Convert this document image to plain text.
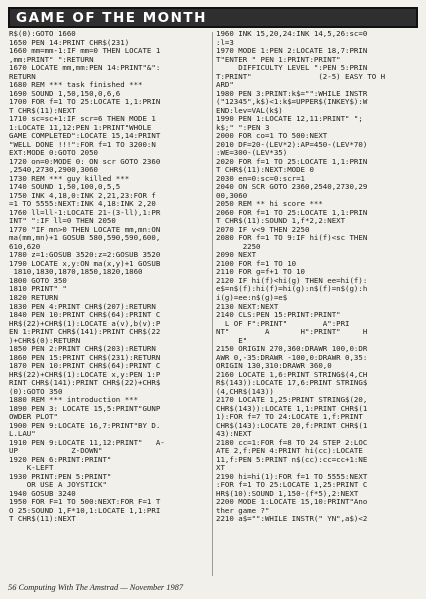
GAME OF THE MONTH
R$(0):GOTO 1660
1650 PEN 14:PRINT CHR$(231)
1660 mm=mm-1:IF mm=0 THEN LOCATE 1
,mm:PRINT" ":RETURN
1670 LOCATE mm,mm:PEN 14:PRINT"&":
RETURN
1680 REM *** task finished ***
1690 SOUND 1,50,150,0,6,6
1700 FOR f=1 TO 25:LOCATE 1,1:PRIN
T CHR$(11):NEXT
1710 sc=sc+1:IF scr=6 THEN MODE 1
1:LOCATE 11,12:PEN 1:PRINT"WHOLE
GAME COMPLETED":LOCATE 15,14:PRINT
"WELL DONE !!!":FOR f=1 TO 3200:N
EXT:MODE 0:GOTO 2050
1720 on=0:MODE 0: ON scr GOTO 2360
,2540,2730,2900,3060
1730 REM *** guy killed ***
1740 SOUND 1,50,100,0,5,5
1750 INK 4,18,0:INK 2,21,23:FOR f
=1 TO 5555:NEXT:INK 4,18:INK 2,20
1760 ll=ll-1:LOCATE 21-(3-ll),1:PR
INT" ":IF ll=0 THEN 2050
1770 "IF mn>0 THEN LOCATE mm,mn:ON
ma(mm,mn)+1 GOSUB 580,590,590,600,
610,620
1780 z=1:GOSUB 3520:z=2:GOSUB 3520
1790 LOCATE x,y:ON ma(x,y)+1 GOSUB
1810,1830,1870,1850,1820,1860
1800 GOTO 350
1810 PRINT" "
1820 RETURN
1830 PEN 4:PRINT CHR$(207):RETURN
1840 PEN 10:PRINT CHR$(64):PRINT C
HR$(22)+CHR$(1):LOCATE a(v),b(v):P
EN 1:PRINT CHR$(141):PRINT CHR$(22
)+CHR$(0):RETURN
1850 PEN 2:PRINT CHR$(203):RETURN
1860 PEN 15:PRINT CHR$(231):RETURN
1870 PEN 10:PRINT CHR$(64):PRINT C
HR$(22)+CHR$(1):LOCATE x,y:PEN 1:P
RINT CHR$(141):PRINT CHR$(22)+CHR$
(0):GOTO 350
1880 REM *** introduction ***
1890 PEN 3: LOCATE 15,5:PRINT"GUNP
OWDER PLOT"
1900 PEN 9:LOCATE 16,7:PRINT"BY D.
L.LAU"
1910 PEN 9:LOCATE 11,12:PRINT"   A-
UP            Z-DOWN"
1920 PEN 6:PRINT:PRINT"
K-LEFT
1930 PRINT:PEN 5:PRINT"
OR USE A JOYSTICK"
1940 GOSUB 3240
1950 FOR F=1 TO 500:NEXT:FOR F=1 T
O 25:SOUND 1,F*10,1:LOCATE 1,1:PRI
T CHR$(11):NEXT
1960 INK 15,20,24:INK 14,5,26:sc=0
:l=3
1970 MODE 1:PEN 2:LOCATE 18,7:PRIN
T"ENTER " PEN 1:PRINT:PRINT"
DIFFICULTY LEVEL ":PEN 5:PRIN
T:PRINT"               (2-5) EASY TO H
ARD"
1980 PEN 3:PRINT:k$="":WHILE INSTR
("12345",k$)<1:k$=UPPER$(INKEY$):W
END:lev=VAL(k$)
1990 PEN 1:LOCATE 12,11:PRINT" ";
k$;" ":PEN 3
2000 FOR co=1 TO 500:NEXT
2010 DF=20-(LEV*2):AP=450-(LEV*70)
:WE=300-(LEV*35)
2020 FOR f=1 TO 25:LOCATE 1,1:PRIN
T CHR$(11):NEXT:MODE 0
2030 en=0:sc=0:scr=1
2040 ON SCR GOTO 2360,2540,2730,29
00,3060
2050 REM ** hi score ***
2060 FOR f=1 TO 25:LOCATE 1,1:PRIN
T CHR$(11):SOUND 1,f*2,2:NEXT
2070 IF v<9 THEN 2250
2080 FOR f=1 TO 9:IF hi(f)<sc THEN
2250
2090 NEXT
2100 FOR f=1 TO 10
2110 FOR g=f+1 TO 10
2120 IF hi(f)<hi(g) THEN ee=hi(f):
e$=n$(f):hi(f)=hi(g):n$(f)=n$(g):h
i(g)=ee:n$(g)=e$
2130 NEXT:NEXT
2140 CLS:PEN 15:PRINT:PRINT"
L OF F":PRINT"        A":PRI
NT"        A       H":PRINT"     H
E"
2150 ORIGIN 270,360:DRAWR 100,0:DR
AWR 0,-35:DRAWR -100,0:DRAWR 0,35:
ORIGIN 130,310:DRAWR 360,0
2160 LOCATE 1,6:PRINT STRING$(4,CH
R$(143)):LOCATE 17,6:PRINT STRING$
(4,CHR$(143))
2170 LOCATE 1,25:PRINT STRING$(20,
CHR$(143)):LOCATE 1,1:PRINT CHR$(1
1):FOR f=7 TO 24:LOCATE 1,f:PRINT
CHR$(143):LOCATE 20,f:PRINT CHR$(1
43):NEXT
2180 cc=1:FOR f=8 TO 24 STEP 2:LOC
ATE 2,f:PEN 4:PRINT hi(cc):LOCATE
11,f:PEN 5:PRINT n$(cc):cc=cc+1:NE
XT
2190 hi=hi(1):FOR f=1 TO 5555:NEXT
:FOR f=1 TO 25:LOCATE 1,25:PRINT C
HR$(10):SOUND 1,150-(f*5),2:NEXT
2200 MODE 1:LOCATE 15,10:PRINT"Ano
ther game ?"
2210 a$="":WHILE INSTR(" YN",a$)<2
56 Computing With The Amstrad — November 1987
